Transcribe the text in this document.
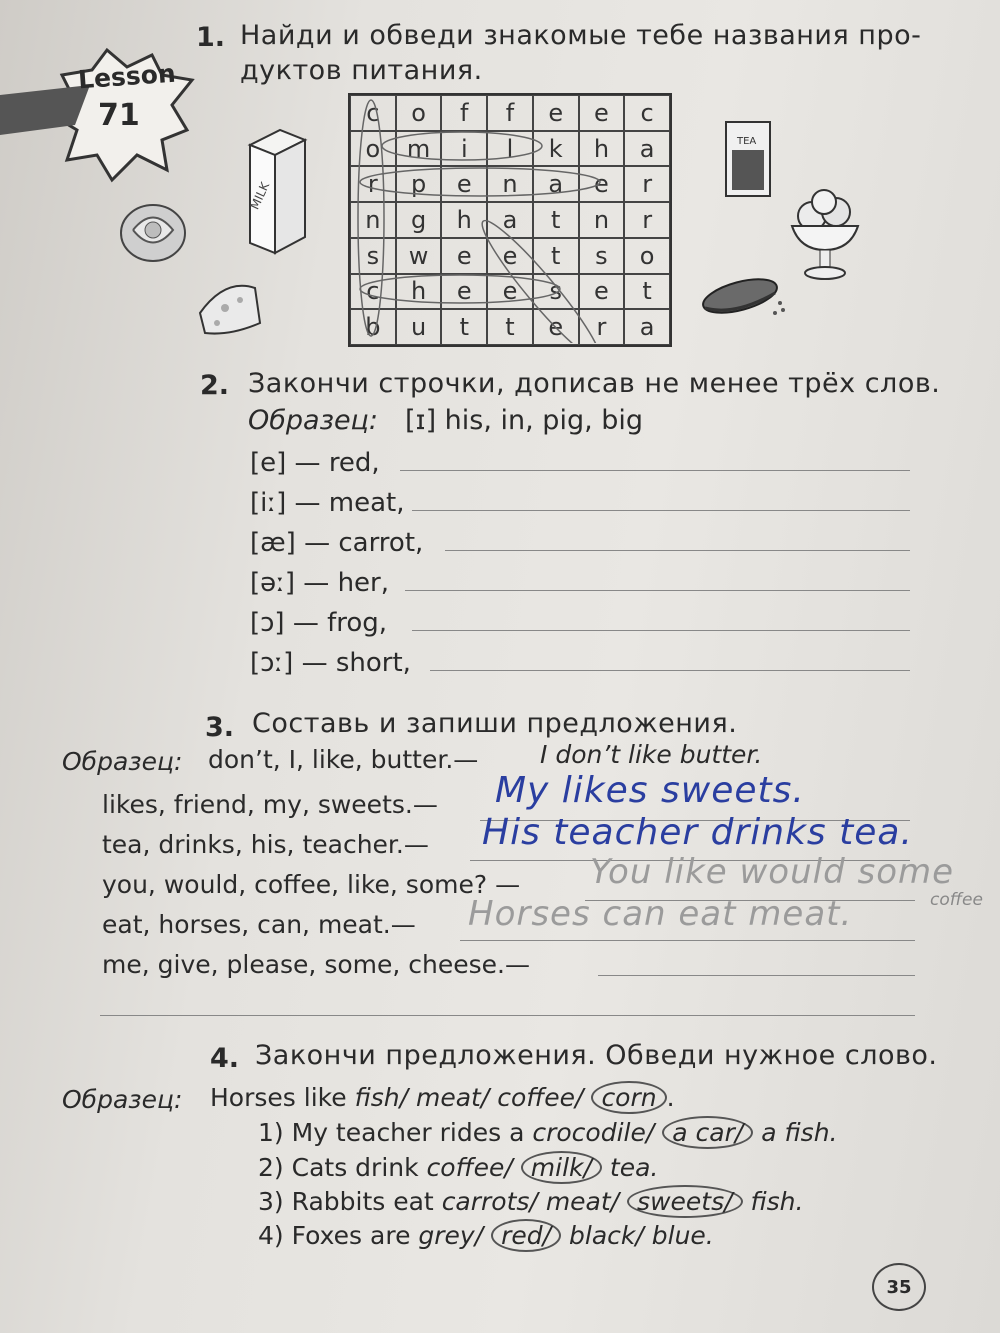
Lesson
71
1. Найди и обведи знакомые тебе названия про-
дуктов питания.
MILK
TEA
c	o	f	f	e	e	c
o	m	i	l	k	h	a
r	p	e	n	a	e	r
n	g	h	a	t	n	r
s	w	e	e	t	s	o
c	h	e	e	s	e	t
b	u	t	t	e	r	a
2. Закончи строчки, дописав не менее трёх слов.
Образец: [ɪ] his, in, pig, big
[e] — red,
[iː] — meat,
[æ] — carrot,
[əː] — her,
[ɔ] — frog,
[ɔː] — short,
3. Составь и запиши предложения.
Образец: don’t, I, like, butter.— I don’t like butter.
likes, friend, my, sweets.— My likes sweets.
tea, drinks, his, teacher.— His teacher drinks tea.
you, would, coffee, like, some? — You like would some
coffee
eat, horses, can, meat.— Horses can eat meat.
me, give, please, some, cheese.—
4. Закончи предложения. Обведи нужное слово.
Образец: Horses like fish/ meat/ coffee/ corn .
1) My teacher rides a crocodile/ a car/ a fish.
2) Cats drink coffee/ milk/ tea.
3) Rabbits eat carrots/ meat/ sweets/ fish.
4) Foxes are grey/ red/ black/ blue.
35
